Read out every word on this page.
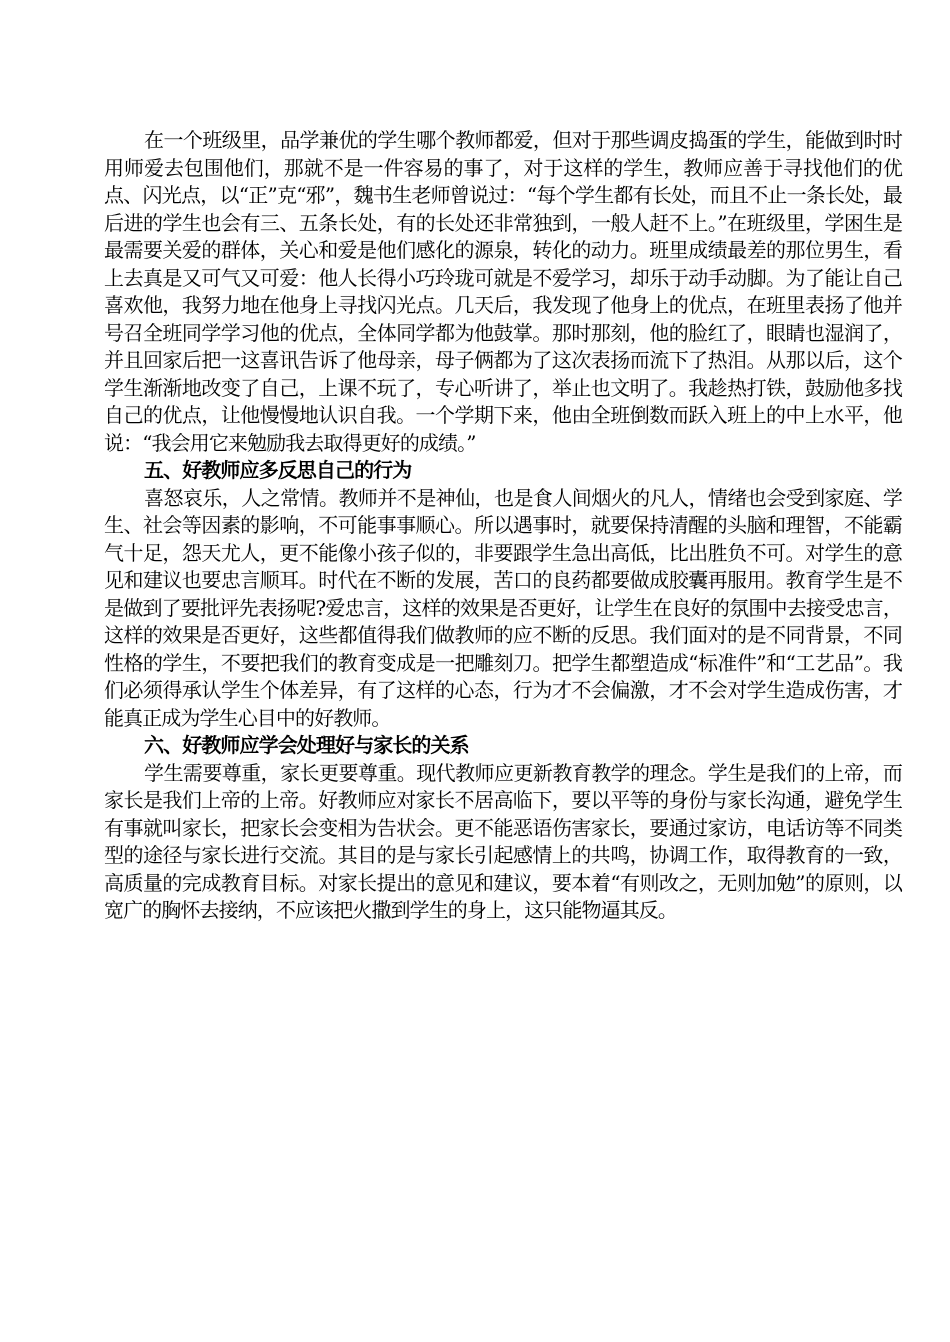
在一个班级里，品学兼优的学生哪个教师都爱，但对于那些调皮捣蛋的学生，能做到时时用师爱去包围他们，那就不是一件容易的事了，对于这样的学生，教师应善于寻找他们的优点、闪光点，以“正”克“邪”，魏书生老师曾说过：“每个学生都有长处，而且不止一条长处，最后进的学生也会有三、五条长处，有的长处还非常独到，一般人赶不上。”在班级里，学困生是最需要关爱的群体，关心和爱是他们感化的源泉，转化的动力。班里成绩最差的那位男生，看上去真是又可气又可爱：他人长得小巧玲珑可就是不爱学习，却乐于动手动脚。为了能让自己喜欢他，我努力地在他身上寻找闪光点。几天后，我发现了他身上的优点，在班里表扬了他并号召全班同学学习他的优点，全体同学都为他鼓掌。那时那刻，他的脸红了，眼睛也湿润了，并且回家后把一这喜讯告诉了他母亲，母子俩都为了这次表扬而流下了热泪。从那以后，这个学生渐渐地改变了自己，上课不玩了，专心听讲了，举止也文明了。我趁热打铁，鼓励他多找自己的优点，让他慢慢地认识自我。一个学期下来，他由全班倒数而跃入班上的中上水平，他说：“我会用它来勉励我去取得更好的成绩。”

五、好教师应多反思自己的行为

喜怒哀乐，人之常情。教师并不是神仙，也是食人间烟火的凡人，情绪也会受到家庭、学生、社会等因素的影响，不可能事事顺心。所以遇事时，就要保持清醒的头脑和理智，不能霸气十足，怨天尤人，更不能像小孩子似的，非要跟学生急出高低，比出胜负不可。对学生的意见和建议也要忠言顺耳。时代在不断的发展，苦口的良药都要做成胶囊再服用。教育学生是不是做到了要批评先表扬呢?爱忠言，这样的效果是否更好，让学生在良好的氛围中去接受忠言，这样的效果是否更好，这些都值得我们做教师的应不断的反思。我们面对的是不同背景，不同性格的学生，不要把我们的教育变成是一把雕刻刀。把学生都塑造成“标准件”和“工艺品”。我们必须得承认学生个体差异，有了这样的心态，行为才不会偏激，才不会对学生造成伤害，才能真正成为学生心目中的好教师。

六、好教师应学会处理好与家长的关系

学生需要尊重，家长更要尊重。现代教师应更新教育教学的理念。学生是我们的上帝，而家长是我们上帝的上帝。好教师应对家长不居高临下，要以平等的身份与家长沟通，避免学生有事就叫家长，把家长会变相为告状会。更不能恶语伤害家长，要通过家访，电话访等不同类型的途径与家长进行交流。其目的是与家长引起感情上的共鸣，协调工作，取得教育的一致，高质量的完成教育目标。对家长提出的意见和建议，要本着“有则改之，无则加勉”的原则，以宽广的胸怀去接纳，不应该把火撒到学生的身上，这只能物逼其反。
